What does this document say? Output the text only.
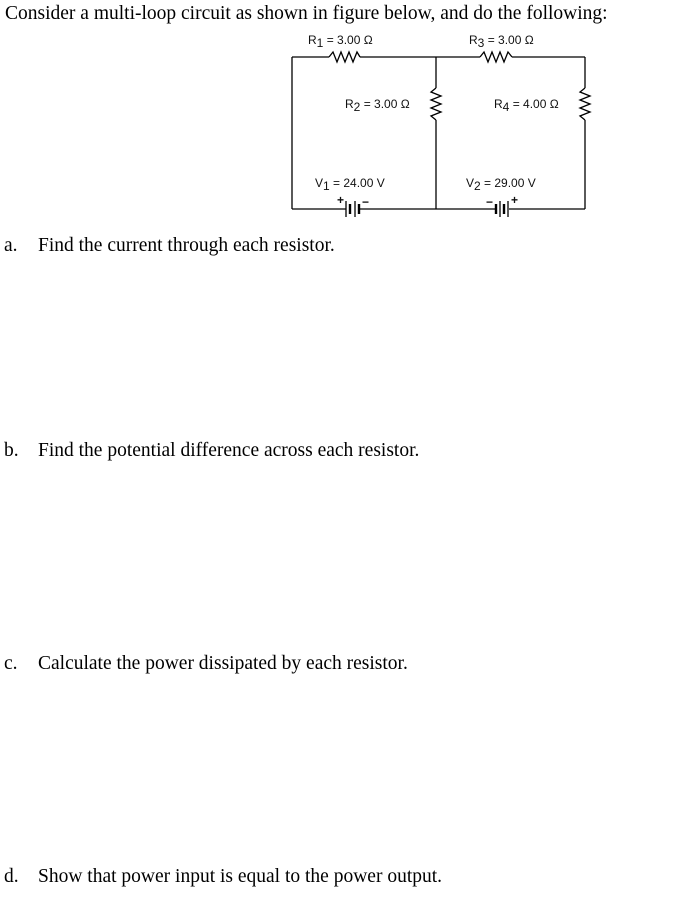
Consider a multi-loop circuit as shown in figure below, and do the following:
R1 = 3.00 Ω	R3 = 3.00 Ω
R2 = 3.00 Ω	R4 = 4.00 Ω
V1 = 24.00 V	V2 = 29.00 V
+ −	− +
a. Find the current through each resistor.
b. Find the potential difference across each resistor.
c. Calculate the power dissipated by each resistor.
d. Show that power input is equal to the power output.
